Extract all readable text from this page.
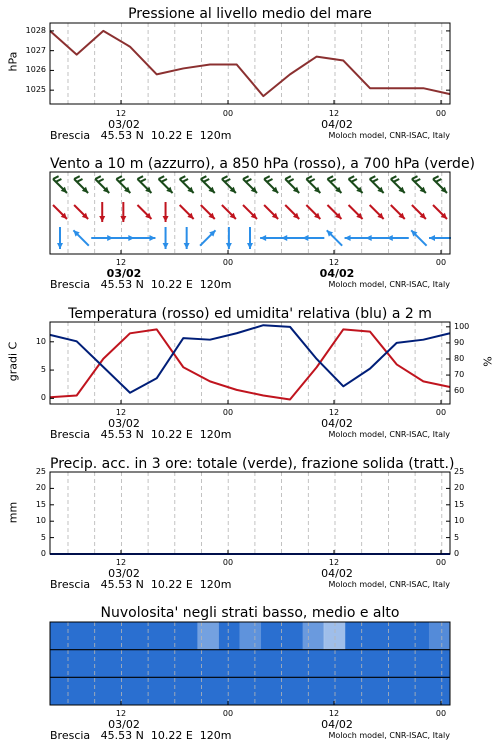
Pressione al livello medio del mare
hPa
12	00	12	00
03/02	04/02
Brescia   45.53 N  10.22 E  120m	Moloch model, CNR-ISAC, Italy
Vento a 10 m (azzurro), a 850 hPa (rosso), a 700 hPa (verde)
12	00	12	00
03/02	04/02
Brescia   45.53 N  10.22 E  120m	Moloch model, CNR-ISAC, Italy
Temperatura (rosso) ed umidita' relativa (blu) a 2 m
gradi C	%
12	00	12	00
03/02	04/02
Brescia   45.53 N  10.22 E  120m	Moloch model, CNR-ISAC, Italy
Precip. acc. in 3 ore: totale (verde), frazione solida (tratt.)
mm
12	00	12	00
03/02	04/02
Brescia   45.53 N  10.22 E  120m	Moloch model, CNR-ISAC, Italy
Nuvolosita' negli strati basso, medio e alto
12	00	12	00
03/02	04/02
Brescia   45.53 N  10.22 E  120m	Moloch model, CNR-ISAC, Italy
1025
1026
1027
1028
0
5
10
60
70
80
90
100
0
5
10
15
20
25
0
5
10
15
20
25
